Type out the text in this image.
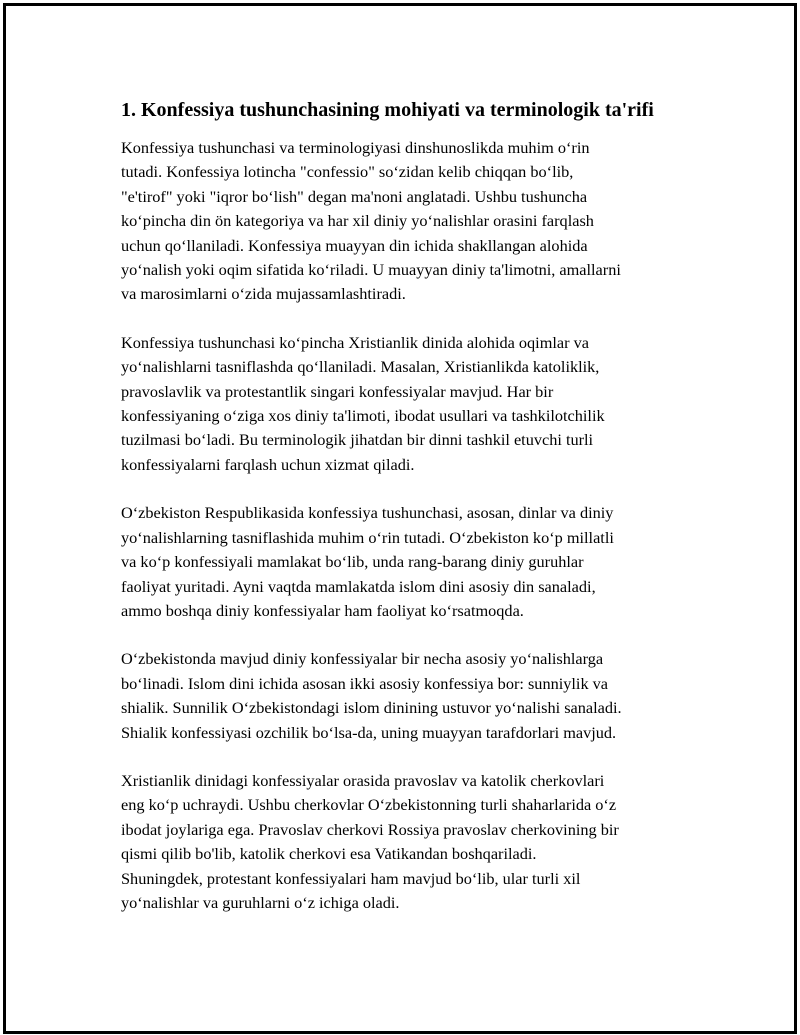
1. Konfessiya tushunchasining mohiyati va terminologik ta'rifi

Konfessiya tushunchasi va terminologiyasi dinshunoslikda muhim o‘rin
tutadi. Konfessiya lotincha "confessio" so‘zidan kelib chiqqan bo‘lib,
"e'tirof" yoki "iqror bo‘lish" degan ma'noni anglatadi. Ushbu tushuncha
ko‘pincha din ön kategoriya va har xil diniy yo‘nalishlar orasini farqlash
uchun qo‘llaniladi. Konfessiya muayyan din ichida shakllangan alohida
yo‘nalish yoki oqim sifatida ko‘riladi. U muayyan diniy ta'limotni, amallarni
va marosimlarni o‘zida mujassamlashtiradi.

Konfessiya tushunchasi ko‘pincha Xristianlik dinida alohida oqimlar va
yo‘nalishlarni tasniflashda qo‘llaniladi. Masalan, Xristianlikda katoliklik,
pravoslavlik va protestantlik singari konfessiyalar mavjud. Har bir
konfessiyaning o‘ziga xos diniy ta'limoti, ibodat usullari va tashkilotchilik
tuzilmasi bo‘ladi. Bu terminologik jihatdan bir dinni tashkil etuvchi turli
konfessiyalarni farqlash uchun xizmat qiladi.

O‘zbekiston Respublikasida konfessiya tushunchasi, asosan, dinlar va diniy
yo‘nalishlarning tasniflashida muhim o‘rin tutadi. O‘zbekiston ko‘p millatli
va ko‘p konfessiyali mamlakat bo‘lib, unda rang-barang diniy guruhlar
faoliyat yuritadi. Ayni vaqtda mamlakatda islom dini asosiy din sanaladi,
ammo boshqa diniy konfessiyalar ham faoliyat ko‘rsatmoqda.

O‘zbekistonda mavjud diniy konfessiyalar bir necha asosiy yo‘nalishlarga
bo‘linadi. Islom dini ichida asosan ikki asosiy konfessiya bor: sunniylik va
shialik. Sunnilik O‘zbekistondagi islom dinining ustuvor yo‘nalishi sanaladi.
Shialik konfessiyasi ozchilik bo‘lsa-da, uning muayyan tarafdorlari mavjud.

Xristianlik dinidagi konfessiyalar orasida pravoslav va katolik cherkovlari
eng ko‘p uchraydi. Ushbu cherkovlar O‘zbekistonning turli shaharlarida o‘z
ibodat joylariga ega. Pravoslav cherkovi Rossiya pravoslav cherkovining bir
qismi qilib bo'lib, katolik cherkovi esa Vatikandan boshqariladi.
Shuningdek, protestant konfessiyalari ham mavjud bo‘lib, ular turli xil
yo‘nalishlar va guruhlarni o‘z ichiga oladi.
